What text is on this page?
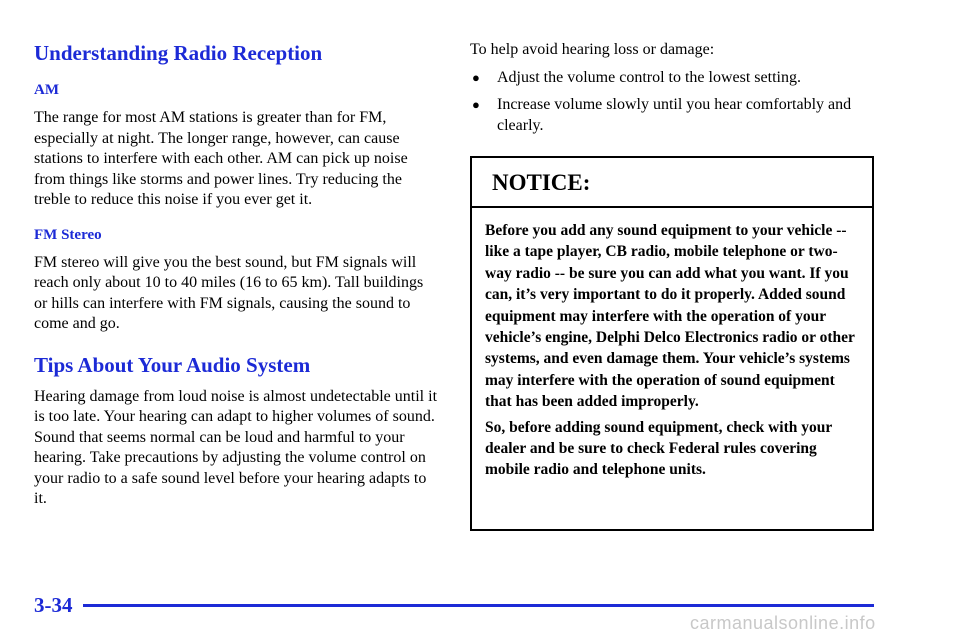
Understanding Radio Reception
AM

The range for most AM stations is greater than for FM, especially at night. The longer range, however, can cause stations to interfere with each other. AM can pick up noise from things like storms and power lines. Try reducing the treble to reduce this noise if you ever get it.

FM Stereo

FM stereo will give you the best sound, but FM signals will reach only about 10 to 40 miles (16 to 65 km). Tall buildings or hills can interfere with FM signals, causing the sound to come and go.

Tips About Your Audio System

Hearing damage from loud noise is almost undetectable until it is too late. Your hearing can adapt to higher volumes of sound. Sound that seems normal can be loud and harmful to your hearing. Take precautions by adjusting the volume control on your radio to a safe sound level before your hearing adapts to it.

To help avoid hearing loss or damage:

●	Adjust the volume control to the lowest setting.
●	Increase volume slowly until you hear comfortably and clearly.
NOTICE:

Before you add any sound equipment to your vehicle -- like a tape player, CB radio, mobile telephone or two-way radio -- be sure you can add what you want. If you can, it’s very important to do it properly. Added sound equipment may interfere with the operation of your vehicle’s engine, Delphi Delco Electronics radio or other systems, and even damage them. Your vehicle’s systems may interfere with the operation of sound equipment that has been added improperly.

So, before adding sound equipment, check with your dealer and be sure to check Federal rules covering mobile radio and telephone units.

3-34
carmanualsonline.info
